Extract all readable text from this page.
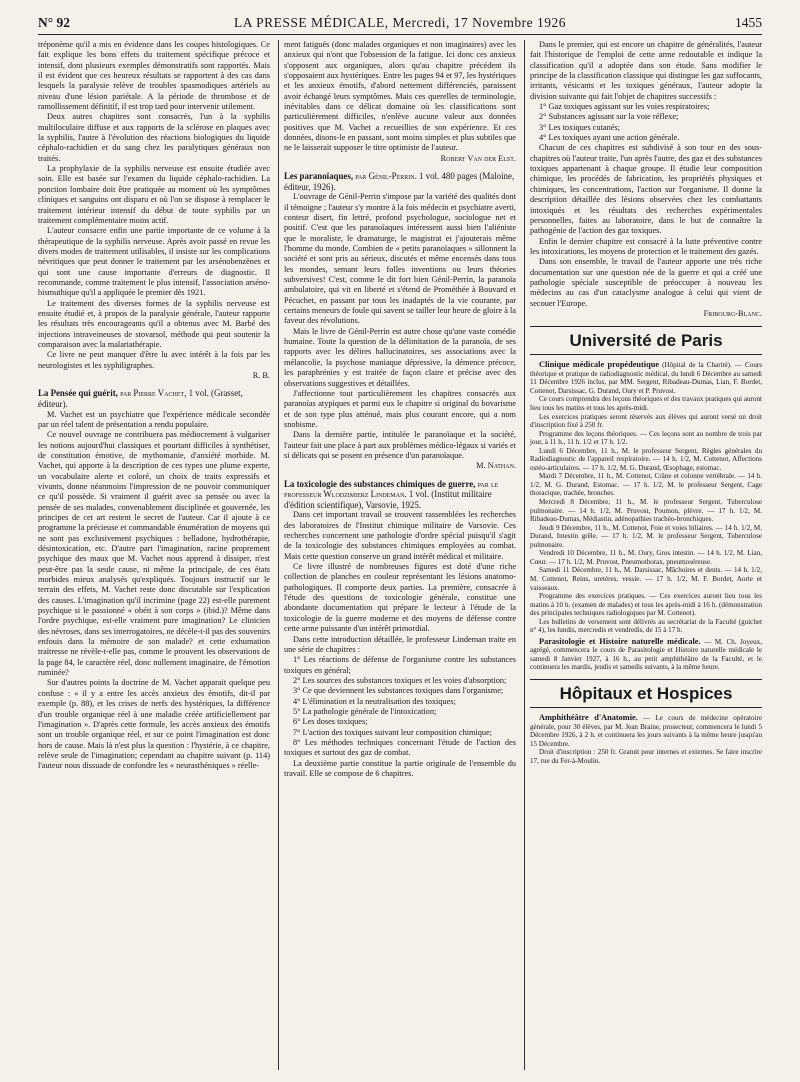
N° 92	LA PRESSE MÉDICALE, Mercredi, 17 Novembre 1926	1455

tréponème qu'il a mis en évidence dans les coupes histologiques. Ce fait explique les bons effets du traitement spécifique précoce et intensif, dont plusieurs exemples démonstratifs sont rapportés. Mais il est évident que ces heureux résultats se rapportent à des cas dans lesquels la paralysie relève de troubles spasmodiques artériels au niveau d'une lésion pariétale. A la période de thrombose et de ramollissement définitif, il est trop tard pour intervenir utilement.

Deux autres chapitres sont consacrés, l'un à la syphilis multiloculaire diffuse et aux rapports de la sclérose en plaques avec la syphilis, l'autre à l'évolution des réactions biologiques du liquide céphalo-rachidien et du sang chez les paralytiques généraux non traités.

La prophylaxie de la syphilis nerveuse est ensuite étudiée avec soin. Elle est basée sur l'examen du liquide céphalo-rachidien. La ponction lombaire doit être pratiquée au moment où les symptômes cliniques et sanguins ont disparu et où l'on se dispose à remplacer le traitement intérieur intensif du début de toute syphilis par un traitement complémentaire moins actif.

L'auteur consacre enfin une partie importante de ce volume à la thérapeutique de la syphilis nerveuse. Après avoir passé en revue les divers modes de traitement utilisables, il insiste sur les complications névritiques que peut donner le traitement par les arsénobenzènes et qui sont une cause importante d'erreurs de diagnostic. Il recommande, comme traitement le plus intensif, l'association arséno-bismuthique qu'il a appliquée le premier dès 1921.

Le traitement des diverses formes de la syphilis nerveuse est ensuite étudié et, à propos de la paralysie générale, l'auteur rapporte les résultats très encourageants qu'il a obtenus avec M. Barbé des injections intraveineuses de stovarsol, méthode qui peut soutenir la comparaison avec la malariathérapie.

Ce livre ne peut manquer d'être lu avec intérêt à la fois par les neurologistes et les syphiligraphes.

R. B.

La Pensée qui guérit, par Pierre Vachet, 1 vol. (Grasset, éditeur).

M. Vachet est un psychiatre que l'expérience médicale secondée par un réel talent de présentation a rendu populaire.

Ce nouvel ouvrage ne contribuera pas médiocrement à vulgariser les notions aujourd'hui classiques et pourtant difficiles à synthétiser, de constitution émotive, de mythomanie, d'anxiété morbide. M. Vachet, qui apporte à la description de ces types une plume experte, un vocabulaire alerte et coloré, un choix de traits expressifs et vivants, donne néanmoins l'impression de ne pouvoir communiquer ce qu'il possède. Si vraiment il guérit avec sa pensée ou avec la pensée de ses malades, convenablement disciplinée et gouvernée, les principes de cet art restent le secret de l'auteur. Car il ajoute à ce programme la précieuse et commandable énumération de moyens qui ne sont pas exclusivement psychiques : belladone, hydrothérapie, désintoxication, etc. D'autre part l'imagination, racine proprement psychique des maux que M. Vachet nous apprend à dissiper, n'est peut-être pas la seule cause, ni même la principale, de ces états morbides mieux analysés qu'expliqués. Toujours instructif sur le terrain des effets, M. Vachet reste donc discutable sur l'explication des causes. L'imagination qu'il incrimine (page 22) est-elle purement psychique si le passionné « obéit à son corps » (ibid.)? Même dans l'ordre psychique, est-elle vraiment pure imagination? Le clinicien des névroses, dans ses interrogatoires, ne décèle-t-il pas des souvenirs enfouis dans la mémoire de son malade? et cette exhumation traitresse ne révèle-t-elle pas, comme le prouvent les observations de la page 84, le caractère réel, donc nullement imaginaire, de l'émotion ruminée?

Sur d'autres points la doctrine de M. Vachet apparait quelque peu confuse : « il y a entre les accès anxieux des émotifs, dit-il par exemple (p. 88), et les crises de nerfs des hystériques, la différence d'un trouble organique réel à une maladie créée artificiellement par l'imagination ». D'après cette formule, les accès anxieux des émotifs sont un trouble organique réel, et sur ce point l'imagination est donc hors de cause. Mais là n'est plus la question : l'hystérie, à ce chapitre, relève seule de l'imagination; cependant au chapitre suivant (p. 114) l'auteur nous dissuade de confondre les « neurasthéniques » réelle-

ment fatigués (donc malades organiques et non imaginaires) avec les anxieux qui n'ont que l'obsession de la fatigue. Ici donc ces anxieux s'opposent aux organiques, alors qu'au chapitre précédent ils s'opposaient aux hystériques. Entre les pages 94 et 97, les hystériques et les anxieux émotifs, d'abord nettement différenciés, paraissent avoir échangé leurs symptômes. Mais ces querelles de terminologie, inévitables dans ce délicat domaine où les classifications sont particulièrement difficiles, n'enlève aucune valeur aux données positives que M. Vachet a recueillies de son expérience. Et ces données, disons-le en passant, sont moins simples et plus subtiles que ne le laisserait supposer le titre optimiste de l'auteur.

Robert Van der Elst.

Les paranoïaques, par Génil-Perrin. 1 vol. 480 pages (Maloine, éditeur, 1926).

L'ouvrage de Génil-Perrin s'impose par la variété des qualités dont il témoigne ; l'auteur s'y montre à la fois médecin et psychiatre averti, conteur disert, fin lettré, profond psychologue, sociologue net et positif. C'est que les paranoïaques intéressent aussi bien l'aliéniste que le moraliste, le dramaturge, le magistrat et j'ajouterais même l'homme du monde. Combien de « petits paranoïaques » sillonnent la société et sont pris au sérieux, discutés et même encensés dans tous les mondes, semant leurs folles inventions ou leurs théories subversives! C'est, comme le dit fort bien Génil-Perrin, la paranoïa ambulatoire, qui vit en liberté et s'étend de Prométhée à Bouvard et Pécuchet, en passant par tous les inadaptés de la vie courante, par certains meneurs de foule qui savent se tailler leur heure de gloire à la faveur des révolutions.

Mais le livre de Génil-Perrin est autre chose qu'une vaste comédie humaine. Toute la question de la délimitation de la paranoïa, de ses rapports avec les délires hallucinatoires, ses associations avec la mélancolie, la psychose maniaque dépressive, la démence précoce, les paraphrénies y est traitée de façon claire et précise avec des observations suggestives et détaillées.

J'affectionne tout particulièrement les chapitres consacrés aux paranoïas atypiques et parmi eux le chapitre si original du bovarisme et de son type plus atténué, mais plus courant encore, qui a nom snobisme.

Dans la dernière partie, intitulée le paranoïaque et la société, l'auteur fait une place à part aux problèmes médico-légaux si variés et si délicats qui se posent en présence d'un paranoïaque.

M. Nathan.

La toxicologie des substances chimiques de guerre, par le professeur Wlodzimierz Lindeman. 1 vol. (Institut militaire d'édition scientifique), Varsovie, 1925.

Dans cet important travail se trouvent rassemblées les recherches des laboratoires de l'Institut chimique militaire de Varsovie. Ces recherches concernent une pathologie d'ordre spécial puisqu'il s'agit de la toxicologie des substances chimiques employées au combat. Mais cette question conserve un grand intérêt médical et militaire.

Ce livre illustré de nombreuses figures est doté d'une riche collection de planches en couleur représentant les lésions anatomo-pathologiques. Il comporte deux parties. La première, consacrée à l'étude des questions de toxicologie générale, constitue une abondante documentation qui prépare le lecteur à l'étude de la toxicologie de la guerre moderne et des moyens de défense contre cette arme puissante d'un intérêt primordial.

Dans cette introduction détaillée, le professeur Lindeman traite en une série de chapitres :

1° Les réactions de défense de l'organisme contre les substances toxiques en général;

2° Les sources des substances toxiques et les voies d'absorption;

3° Ce que deviennent les substances toxiques dans l'organisme;

4° L'élimination et la neutralisation des toxiques;

5° La pathologie générale de l'intoxication;

6° Les doses toxiques;

7° L'action des toxiques suivant leur composition chimique;

8° Les méthodes techniques concernant l'étude de l'action des toxiques et surtout des gaz de combat.

La deuxième partie constitue la partie originale de l'ensemble du travail. Elle se compose de 6 chapitres.

Dans le premier, qui est encore un chapitre de généralités, l'auteur fait l'historique de l'emploi de cette arme redoutable et indique la classification qu'il a adoptée dans son étude. Sans modifier le principe de la classification classique qui distingue les gaz suffocants, irritants, vésicants et les toxiques généraux, l'auteur adopte la division suivante qui fait l'objet de chapitres successifs :

1° Gaz toxiques agissant sur les voies respiratoires;

2° Substances agissant sur la voie réflexe;

3° Les toxiques cutanés;

4° Les toxiques ayant une action générale.

Chacun de ces chapitres est subdivisé à son tour en des sous-chapitres où l'auteur traite, l'un après l'autre, des gaz et des substances toxiques appartenant à chaque groupe. Il étudie leur composition chimique, les procédés de fabrication, les propriétés physiques et chimiques, les concentrations, l'action sur l'organisme. Il donne la description détaillée des lésions observées chez les combattants intoxiqués et les résultats des recherches expérimentales personnelles, faites au laboratoire, dans le but de connaître la pathogénie de l'action des gaz toxiques.

Enfin le dernier chapitre est consacré à la lutte préventive contre les intoxications, les moyens de protection et le traitement des gazés.

Dans son ensemble, le travail de l'auteur apporte une très riche documentation sur une question née de la guerre et qui a créé une pathologie spéciale susceptible de préoccuper à nouveau les médecins au cas d'un cataclysme analogue à celui qui vient de secouer l'Europe.

Fribourg-Blanc.

Université de Paris

Clinique médicale propédeutique (Hôpital de la Charité). — Cours théorique et pratique de radiodiagnostic médical, du lundi 6 Décembre au samedi 11 Décembre 1926 inclus, par MM. Sergent, Ribadeau-Dumas, Lian, F. Bordet, Cottenot, Darsissac, G. Durand, Oury et P. Pruvost.

Ce cours comprendra des leçons théoriques et des travaux pratiques qui auront lieu tous les matins et tous les après-midi.

Les exercices pratiques seront réservés aux élèves qui auront versé un droit d'inscription fixé à 250 fr.

Programme des leçons théoriques. — Ces leçons sont au nombre de trois par jour, à 11 h., 11 h. 1/2 et 17 h. 1/2.

Lundi 6 Décembre, 11 h., M. le professeur Sergent, Règles générales du Radiodiagnostic de l'appareil respiratoire. — 14 h. 1/2, M. Cottenot, Affections ostéo-articulaires. — 17 h. 1/2, M. G. Durand, Œsophage, estomac.

Mardi 7 Décembre, 11 h., M. Cottenot, Crâne et colonne vertébrale. — 14 h. 1/2, M. G. Durand, Estomac. — 17 h. 1/2, M. le professeur Sergent, Cage thoracique, trachée, bronches.

Mercredi 8 Décembre, 11 h., M. le professeur Sergent, Tuberculose pulmonaire. — 14 h. 1/2, M. Pruvost, Poumon, plèvre. — 17 h. 1/2, M. Ribadeau-Dumas, Médiastin, adénopathies trachéo-bronchiques.

Jeudi 9 Décembre, 11 h., M. Cottenot, Foie et voies biliaires. — 14 h. 1/2, M. Durand, Intestin grêle. — 17 h. 1/2, M. le professeur Sergent, Tuberculose pulmonaire.

Vendredi 10 Décembre, 11 h., M. Oury, Gros intestin. — 14 h. 1/2, M. Lian, Cœur. — 17 h. 1/2, M. Pruvost, Pneumothorax, pneumoséreuse.

Samedi 11 Décembre, 11 h., M. Darsissac, Mâchoires et dents. — 14 h. 1/2, M. Cottenot, Reins, uretères, vessie. — 17 h. 1/2, M. F. Bordet, Aorte et vaisseaux.

Programme des exercices pratiques. — Ces exercices auront lieu tous les matins à 10 h. (examen de malades) et tous les après-midi à 16 h. (démonstration des principales techniques radiologiques par M. Cottenot).

Les bulletins de versement sont délivrés au secrétariat de la Faculté (guichet n° 4), les lundis, mercredis et vendredis, de 15 à 17 h.

Parasitologie et Histoire naturelle médicale. — M. Ch. Joyeux, agrégé, commencera le cours de Parasitologie et Histoire naturelle médicale le samedi 8 Janvier 1927, à 16 h., au petit amphithéâtre de la Faculté, et le continuera les mardis, jeudis et samedis suivants, à la même heure.

Hôpitaux et Hospices

Amphithéâtre d'Anatomie. — Le cours de médecine opératoire générale, pour 30 élèves, par M. Jean Braine, prosecteur, commencera le lundi 5 Décembre 1926, à 2 h. et continuera les jours suivants à la même heure jusqu'au 15 Décembre.

Droit d'inscription : 250 fr. Gratuit pour internes et externes. Se faire inscrire 17, rue du Fer-à-Moulin.
